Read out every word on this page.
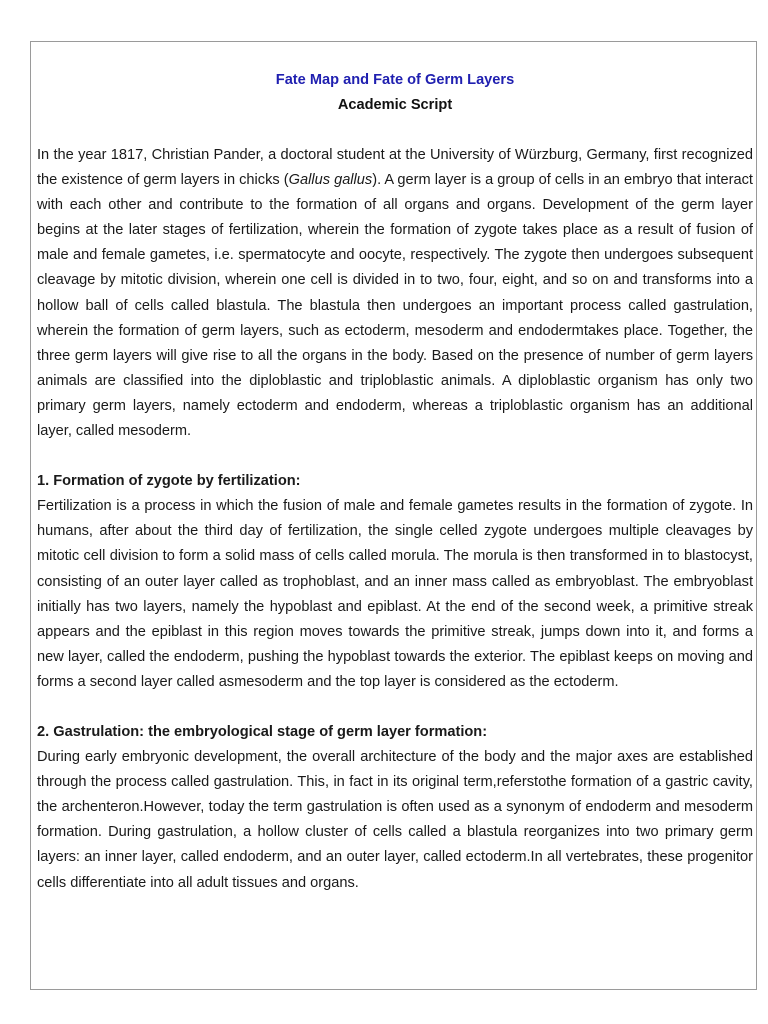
Fate Map and Fate of Germ Layers
Academic Script

In the year 1817, Christian Pander, a doctoral student at the University of Würzburg, Germany, first recognized the existence of germ layers in chicks (Gallus gallus). A germ layer is a group of cells in an embryo that interact with each other and contribute to the formation of all organs and organs. Development of the germ layer begins at the later stages of fertilization, wherein the formation of zygote takes place as a result of fusion of male and female gametes, i.e. spermatocyte and oocyte, respectively. The zygote then undergoes subsequent cleavage by mitotic division, wherein one cell is divided in to two, four, eight, and so on and transforms into a hollow ball of cells called blastula. The blastula then undergoes an important process called gastrulation, wherein the formation of germ layers, such as ectoderm, mesoderm and endodermtakes place. Together, the three germ layers will give rise to all the organs in the body. Based on the presence of number of germ layers animals are classified into the diploblastic and triploblastic animals. A diploblastic organism has only two primary germ layers, namely ectoderm and endoderm, whereas a triploblastic organism has an additional layer, called mesoderm.

1. Formation of zygote by fertilization:

Fertilization is a process in which the fusion of male and female gametes results in the formation of zygote. In humans, after about the third day of fertilization, the single celled zygote undergoes multiple cleavages by mitotic cell division to form a solid mass of cells called morula. The morula is then transformed in to blastocyst, consisting of an outer layer called as trophoblast, and an inner mass called as embryoblast. The embryoblast initially has two layers, namely the hypoblast and epiblast. At the end of the second week, a primitive streak appears and the epiblast in this region moves towards the primitive streak, jumps down into it, and forms a new layer, called the endoderm, pushing the hypoblast towards the exterior. The epiblast keeps on moving and forms a second layer called asmesoderm and the top layer is considered as the ectoderm.

2. Gastrulation: the embryological stage of germ layer formation:

During early embryonic development, the overall architecture of the body and the major axes are established through the process called gastrulation. This, in fact in its original term,referstothe formation of a gastric cavity, the archenteron.However, today the term gastrulation is often used as a synonym of endoderm and mesoderm formation. During gastrulation, a hollow cluster of cells called a blastula reorganizes into two primary germ layers: an inner layer, called endoderm, and an outer layer, called ectoderm.In all vertebrates, these progenitor cells differentiate into all adult tissues and organs.
